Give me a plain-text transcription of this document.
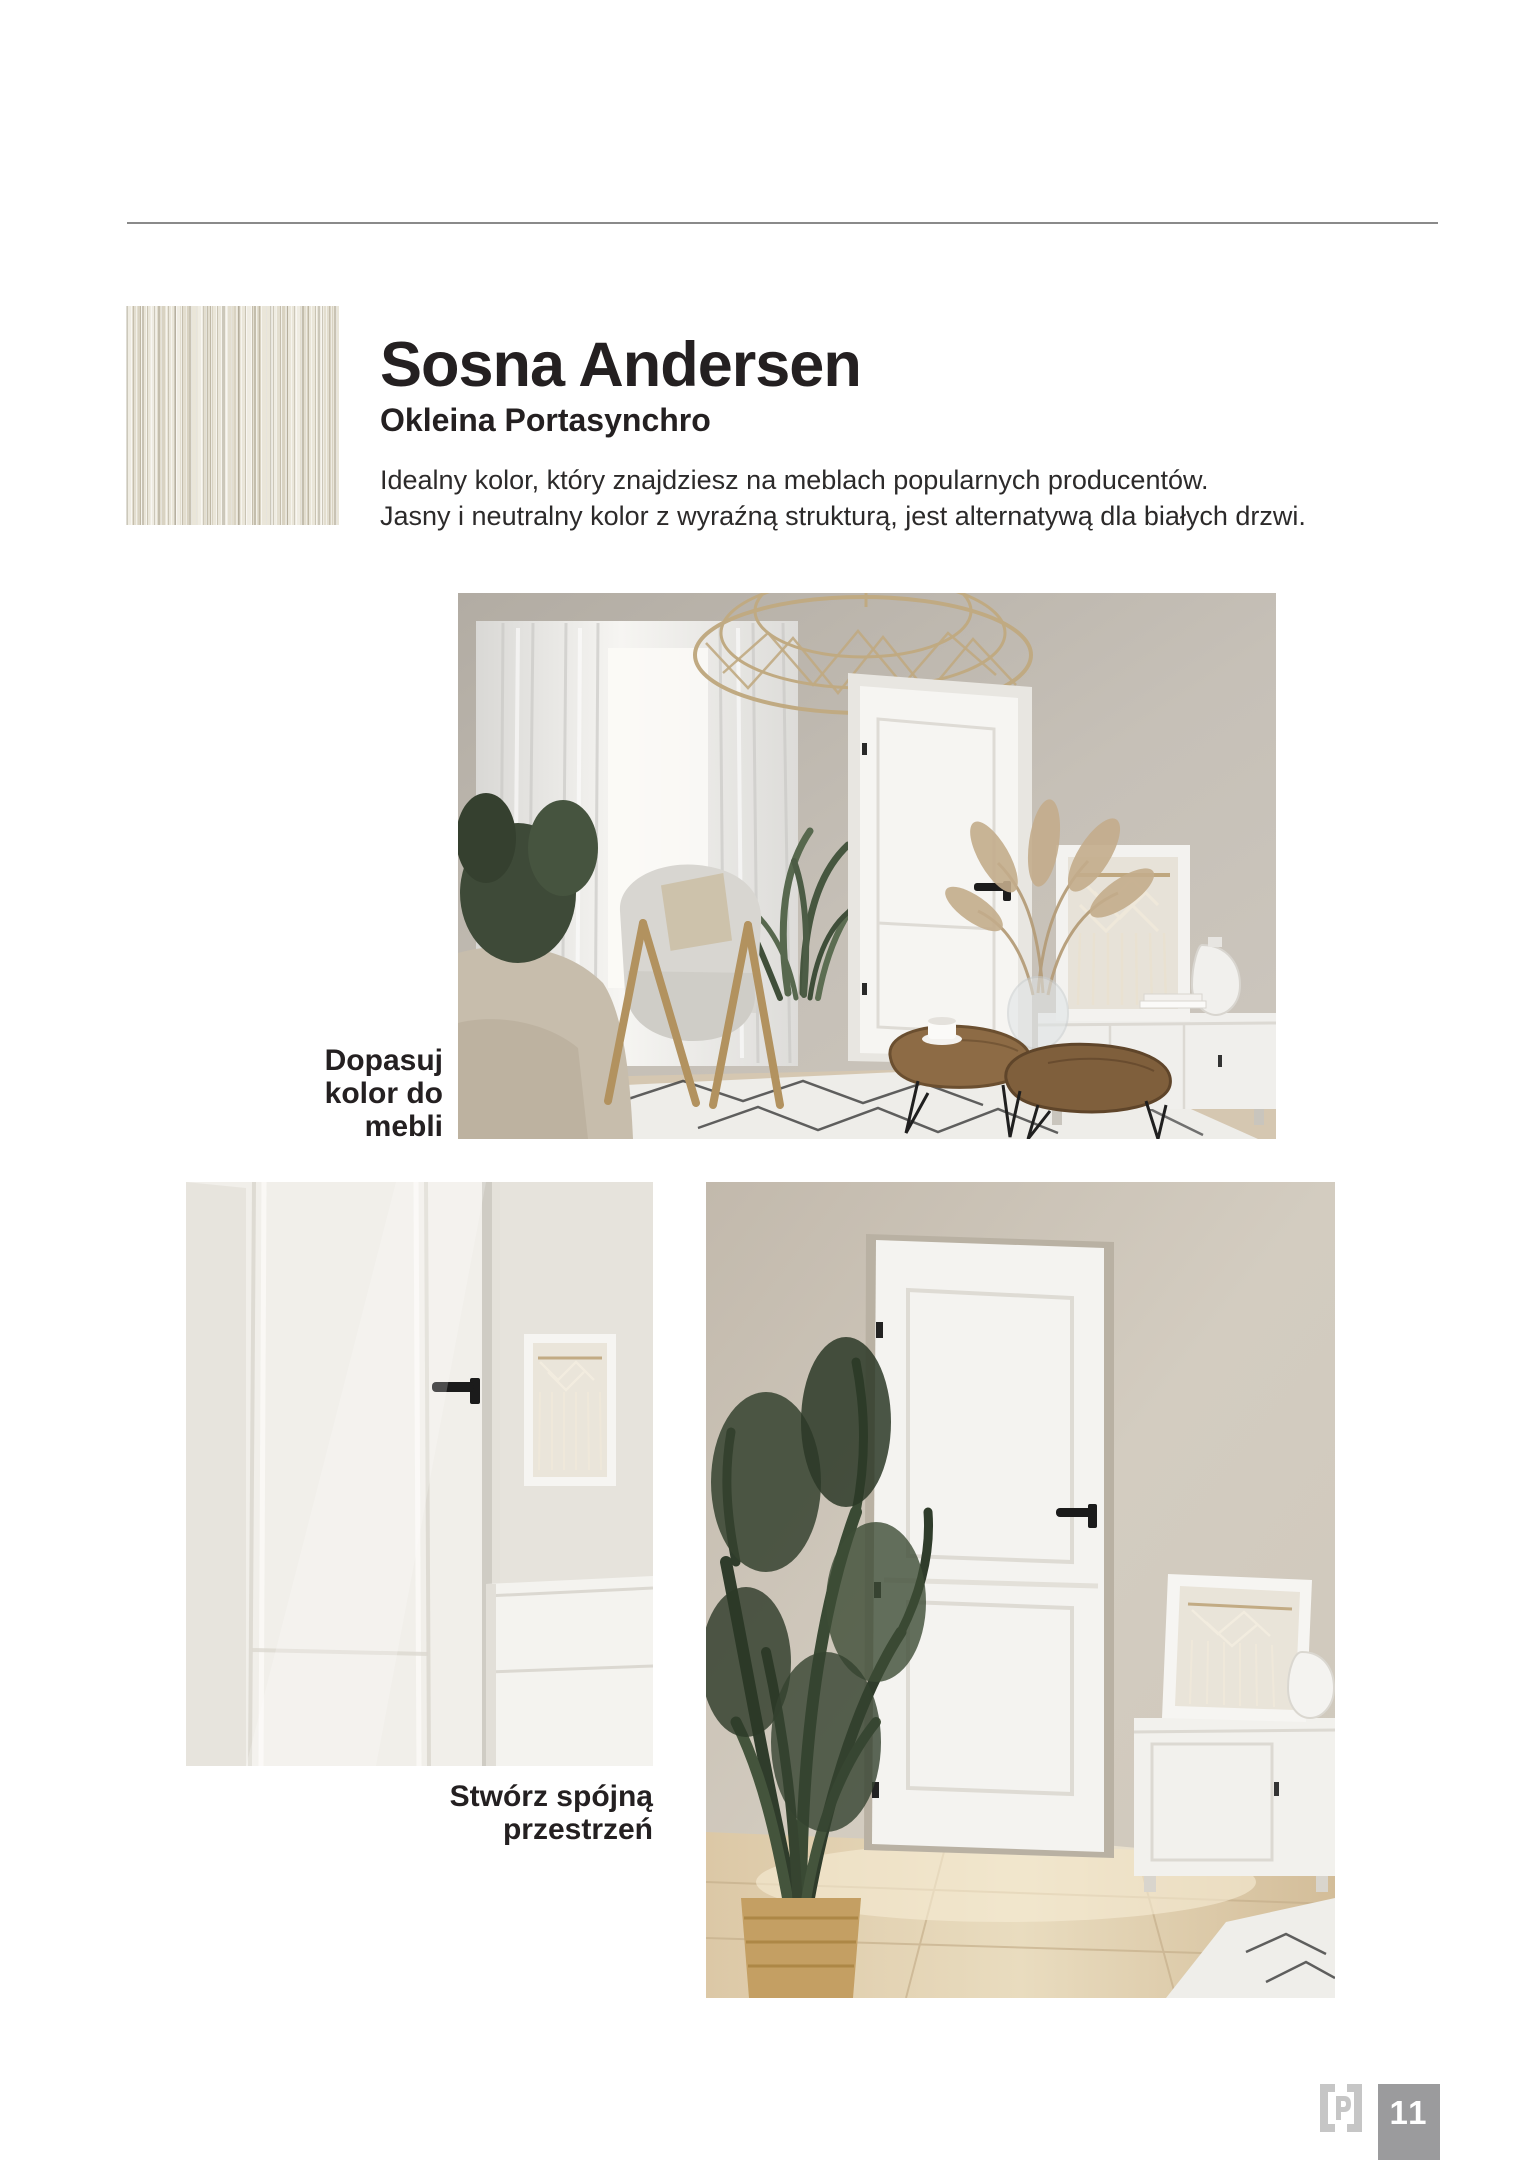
Sosna Andersen
Okleina Portasynchro

Idealny kolor, który znajdziesz na meblach popularnych producentów.
Jasny i neutralny kolor z wyraźną strukturą, jest alternatywą dla białych drzwi.

Dopasuj
kolor do
mebli
Stwórz spójną
przestrzeń
11
